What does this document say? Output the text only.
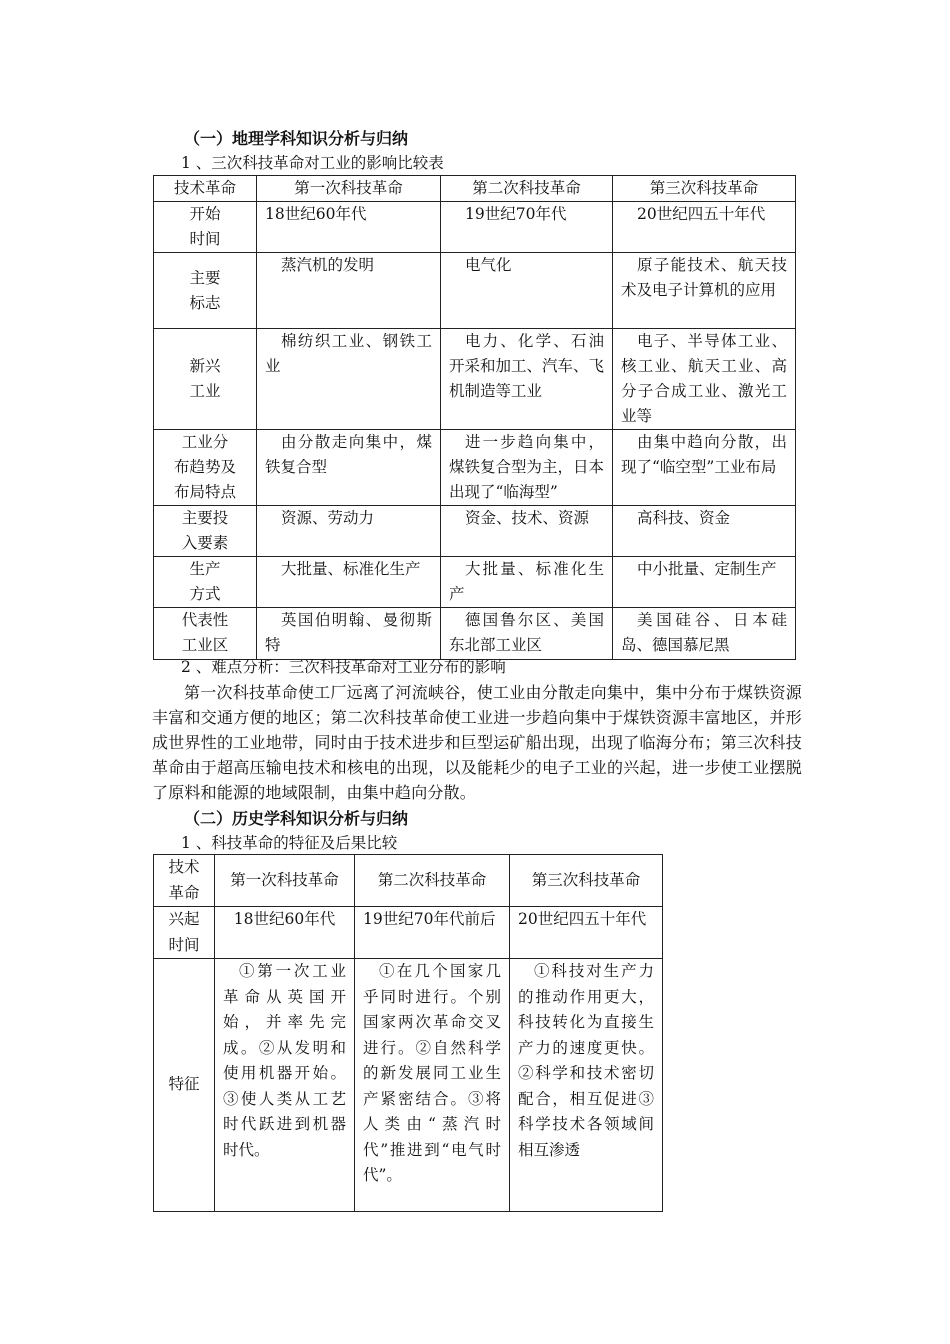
（一）地理学科知识分析与归纳
1 、三次科技革命对工业的影响比较表
技术革命	第一次科技革命	第二次科技革命	第三次科技革命
开始
时间	18世纪60年代	19世纪70年代	20世纪四五十年代
主要
标志	蒸汽机的发明	电气化	原子能技术、航天技术及电子计算机的应用
新兴
工业	棉纺织工业、钢铁工业	电力、化学、石油开采和加工、汽车、飞机制造等工业	电子、半导体工业、核工业、航天工业、高分子合成工业、激光工业等
工业分
布趋势及
布局特点	由分散走向集中，煤铁复合型	进一步趋向集中，煤铁复合型为主，日本出现了“临海型”	由集中趋向分散，出现了“临空型”工业布局
主要投
入要素	资源、劳动力	资金、技术、资源	高科技、资金
生产
方式	大批量、标准化生产	大批量、标准化生产	中小批量、定制生产
代表性
工业区	英国伯明翰、曼彻斯特	德国鲁尔区、美国东北部工业区	美国硅谷、日本硅岛、德国慕尼黑
2 、难点分析：三次科技革命对工业分布的影响

第一次科技革命使工厂远离了河流峡谷，使工业由分散走向集中，集中分布于煤铁资源丰富和交通方便的地区；第二次科技革命使工业进一步趋向集中于煤铁资源丰富地区，并形成世界性的工业地带，同时由于技术进步和巨型运矿船出现，出现了临海分布；第三次科技革命由于超高压输电技术和核电的出现，以及能耗少的电子工业的兴起，进一步使工业摆脱了原料和能源的地域限制，由集中趋向分散。

（二）历史学科知识分析与归纳
1 、科技革命的特征及后果比较
技术革命	第一次科技革命	第二次科技革命	第三次科技革命
兴起时间	18世纪60年代	19世纪70年代前后	20世纪四五十年代
特征	①第一次工业革命从英国开始，并率先完成。②从发明和使用机器开始。③使人类从工艺时代跃进到机器时代。	①在几个国家几乎同时进行。个别国家两次革命交叉进行。②自然科学的新发展同工业生产紧密结合。③将人类由“蒸汽时代”推进到“电气时代”。	①科技对生产力的推动作用更大，科技转化为直接生产力的速度更快。②科学和技术密切配合，相互促进③科学技术各领域间相互渗透
